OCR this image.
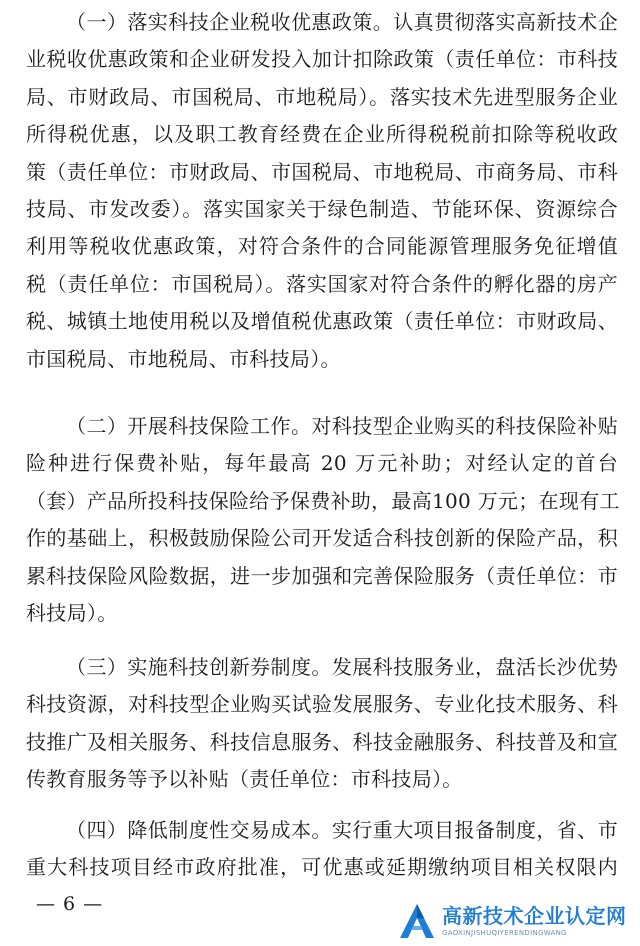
（一）落实科技企业税收优惠政策。认真贯彻落实高新技术企
业税收优惠政策和企业研发投入加计扣除政策（责任单位：市科技
局、市财政局、市国税局、市地税局）。落实技术先进型服务企业
所得税优惠，以及职工教育经费在企业所得税税前扣除等税收政
策（责任单位：市财政局、市国税局、市地税局、市商务局、市科
技局、市发改委）。落实国家关于绿色制造、节能环保、资源综合
利用等税收优惠政策，对符合条件的合同能源管理服务免征增值
税（责任单位：市国税局）。落实国家对符合条件的孵化器的房产
税、城镇土地使用税以及增值税优惠政策（责任单位：市财政局、
市国税局、市地税局、市科技局）。
（二）开展科技保险工作。对科技型企业购买的科技保险补贴
险种进行保费补贴，每年最高 20 万元补助；对经认定的首台
（套）产品所投科技保险给予保费补助，最高100 万元；在现有工
作的基础上，积极鼓励保险公司开发适合科技创新的保险产品，积
累科技保险风险数据，进一步加强和完善保险服务（责任单位：市
科技局）。
（三）实施科技创新券制度。发展科技服务业，盘活长沙优势
科技资源，对科技型企业购买试验发展服务、专业化技术服务、科
技推广及相关服务、科技信息服务、科技金融服务、科技普及和宣
传教育服务等予以补贴（责任单位：市科技局）。
（四）降低制度性交易成本。实行重大项目报备制度，省、市
重大科技项目经市政府批准，可优惠或延期缴纳项目相关权限内
— 6 —	高新技术企业认定网
GAOXINJISHUQIYERENDINGWANG
